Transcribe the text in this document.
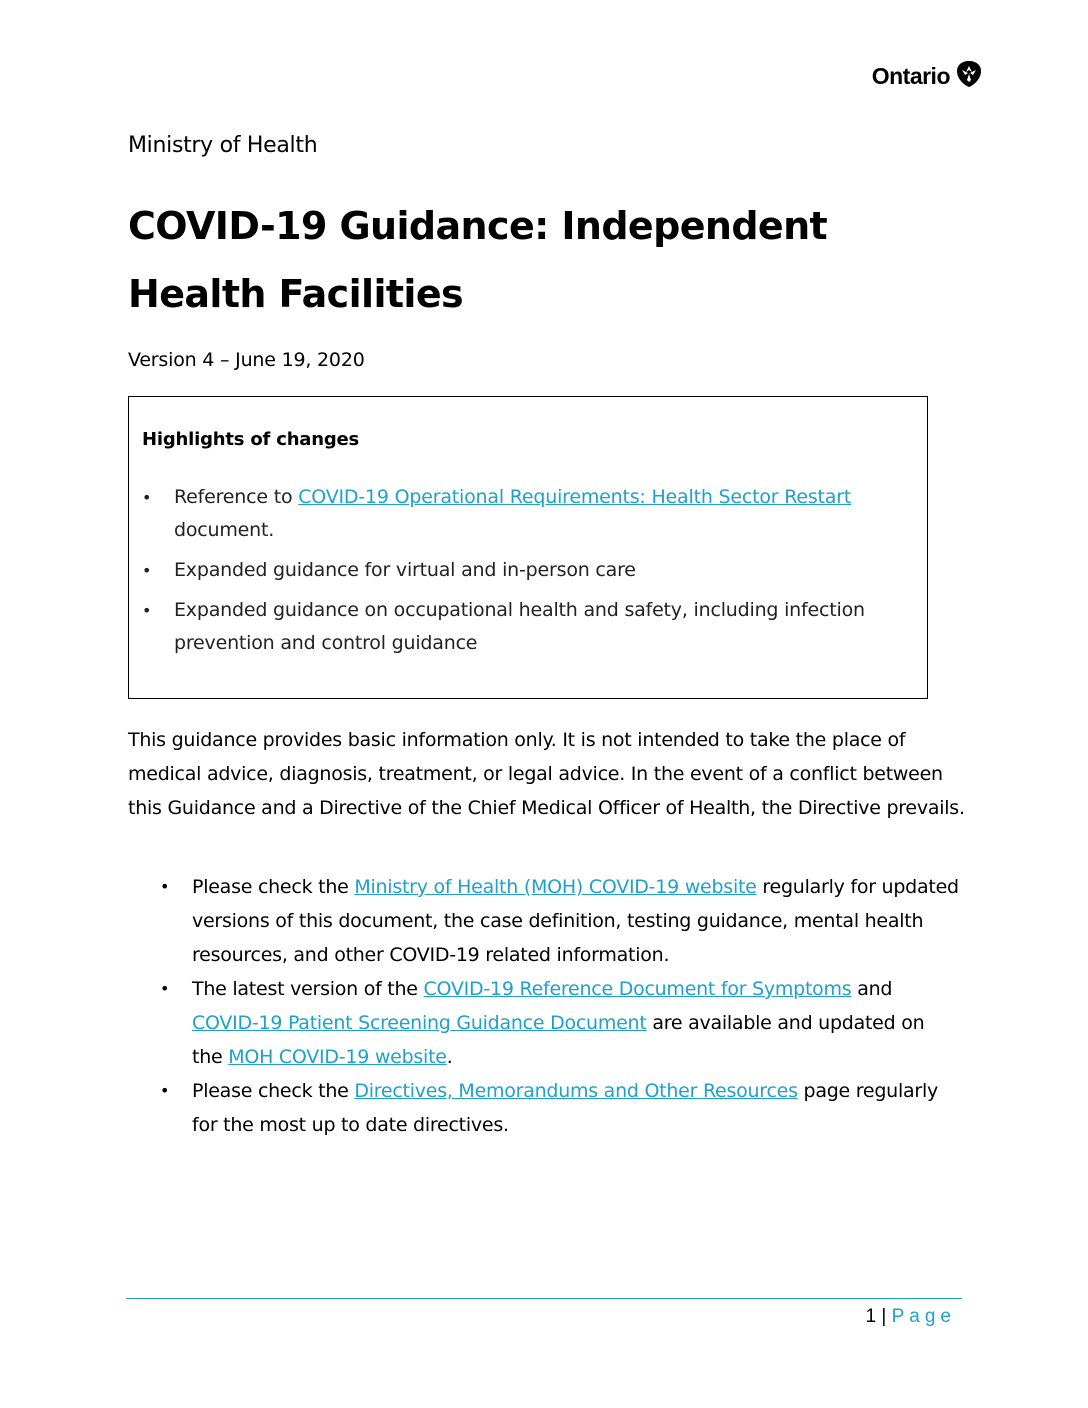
Ontario
Ministry of Health
COVID-19 Guidance: Independent Health Facilities
Version 4 – June 19, 2020
Highlights of changes
• Reference to COVID-19 Operational Requirements: Health Sector Restart
document.
• Expanded guidance for virtual and in-person care
• Expanded guidance on occupational health and safety, including infection prevention and control guidance

This guidance provides basic information only. It is not intended to take the place of medical advice, diagnosis, treatment, or legal advice. In the event of a conflict between this Guidance and a Directive of the Chief Medical Officer of Health, the Directive prevails.

• Please check the Ministry of Health (MOH) COVID-19 website regularly for updated versions of this document, the case definition, testing guidance, mental health resources, and other COVID-19 related information.
• The latest version of the COVID-19 Reference Document for Symptoms and COVID-19 Patient Screening Guidance Document are available and updated on the MOH COVID-19 website.
• Please check the Directives, Memorandums and Other Resources page regularly for the most up to date directives.
1 | Page
